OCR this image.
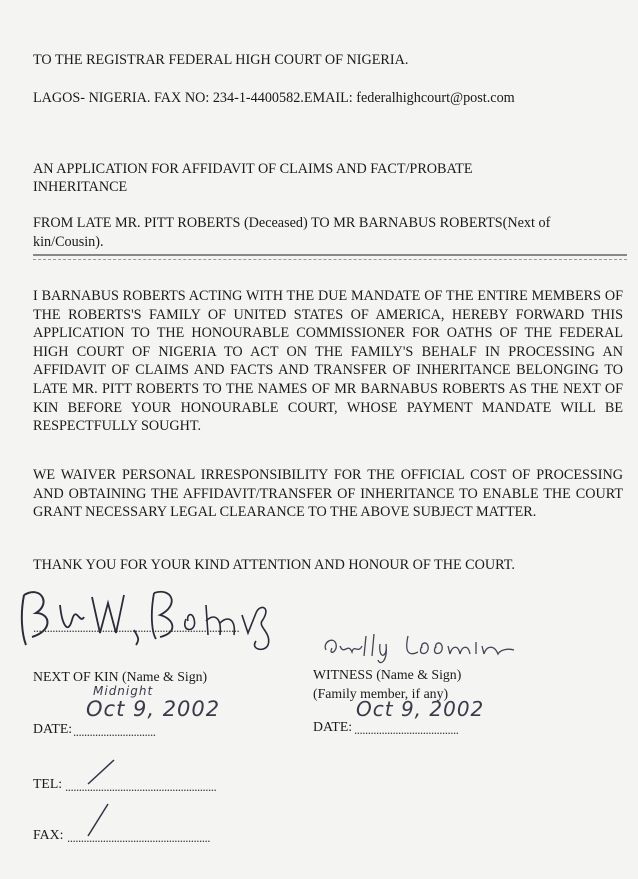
TO THE REGISTRAR FEDERAL HIGH COURT OF NIGERIA.
LAGOS- NIGERIA. FAX NO: 234-1-4400582.EMAIL: federalhighcourt@post.com
AN APPLICATION FOR AFFIDAVIT OF CLAIMS AND FACT/PROBATE
INHERITANCE
FROM LATE MR. PITT ROBERTS (Deceased) TO MR BARNABUS ROBERTS(Next of
kin/Cousin).
I BARNABUS ROBERTS ACTING WITH THE DUE MANDATE OF THE ENTIRE MEMBERS OF THE ROBERTS'S FAMILY OF UNITED STATES OF AMERICA, HEREBY FORWARD THIS APPLICATION TO THE HONOURABLE COMMISSIONER FOR OATHS OF THE FEDERAL HIGH COURT OF NIGERIA TO ACT ON THE FAMILY'S BEHALF IN PROCESSING AN AFFIDAVIT OF CLAIMS AND FACTS AND TRANSFER OF INHERITANCE BELONGING TO LATE MR. PITT ROBERTS TO THE NAMES OF MR BARNABUS ROBERTS AS THE NEXT OF KIN BEFORE YOUR HONOURABLE COURT, WHOSE PAYMENT MANDATE WILL BE RESPECTFULLY SOUGHT.
WE WAIVER PERSONAL IRRESPONSIBILITY FOR THE OFFICIAL COST OF PROCESSING AND OBTAINING THE AFFIDAVIT/TRANSFER OF INHERITANCE TO ENABLE THE COURT GRANT NECESSARY LEGAL CLEARANCE TO THE ABOVE SUBJECT MATTER.
THANK YOU FOR YOUR KIND ATTENTION AND HONOUR OF THE COURT.
...........................................................................
NEXT OF KIN (Name & Sign)
Midnight
WITNESS (Name & Sign)
(Family member, if any)
DATE: ..............................
Oct 9, 2002
DATE: ......................................
Oct 9, 2002
TEL: .......................................................
FAX: ....................................................
